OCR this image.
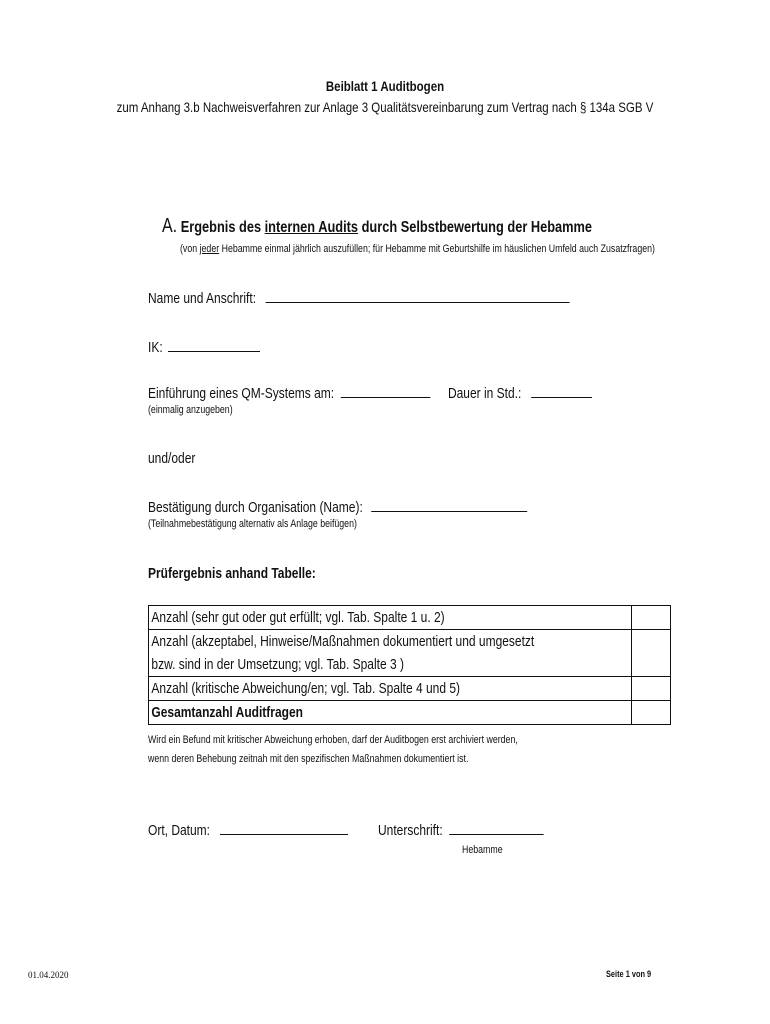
Beiblatt 1 Auditbogen
zum Anhang 3.b Nachweisverfahren zur Anlage 3 Qualitätsvereinbarung zum Vertrag nach § 134a SGB V
A. Ergebnis des internen Audits durch Selbstbewertung der Hebamme
(von jeder Hebamme einmal jährlich auszufüllen; für Hebamme mit Geburtshilfe im häuslichen Umfeld auch Zusatzfragen)
Name und Anschrift:
IK:
Einführung eines QM-Systems am:	Dauer in Std.:
(einmalig anzugeben)
und/oder
Bestätigung durch Organisation (Name):
(Teilnahmebestätigung alternativ als Anlage beifügen)
Prüfergebnis anhand Tabelle:
Anzahl (sehr gut oder gut erfüllt; vgl. Tab. Spalte 1 u. 2)	
Anzahl (akzeptabel, Hinweise/Maßnahmen dokumentiert und umgesetzt	
bzw. sind in der Umsetzung; vgl. Tab. Spalte 3 )	
Anzahl (kritische Abweichung/en; vgl. Tab. Spalte 4 und 5)	
Gesamtanzahl Auditfragen	
Wird ein Befund mit kritischer Abweichung erhoben, darf der Auditbogen erst archiviert werden,
wenn deren Behebung zeitnah mit den spezifischen Maßnahmen dokumentiert ist.
Ort, Datum:	Unterschrift:
Hebamme
01.04.2020	Seite 1 von 9
